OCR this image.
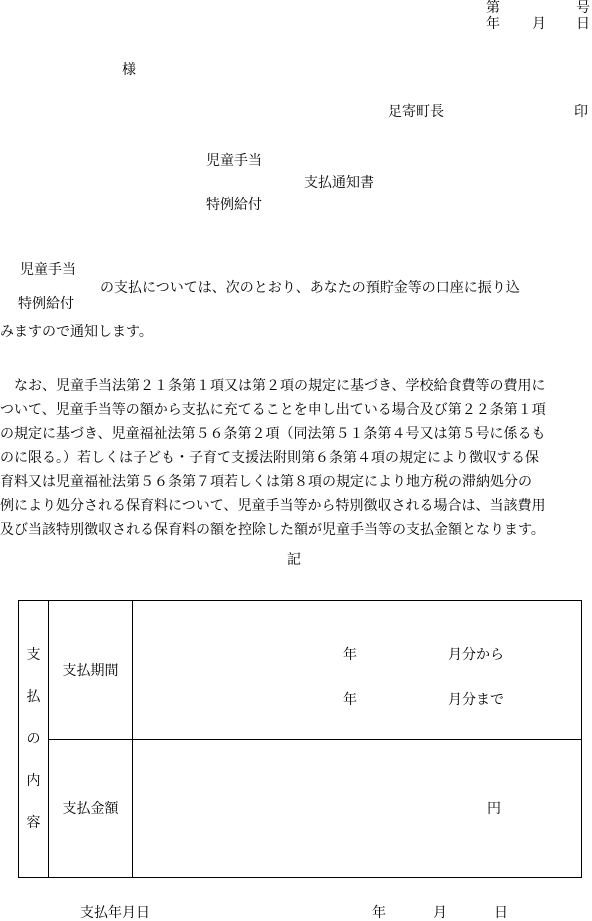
第	号
年 月 日
様
足寄町長	印
児童手当
支払通知書
特例給付
児童手当
の支払については、次のとおり、あなたの預貯金等の口座に振り込
特例給付
みますので通知します。
なお、児童手当法第２１条第１項又は第２項の規定に基づき、学校給食費等の費用に
ついて、児童手当等の額から支払に充てることを申し出ている場合及び第２２条第１項
の規定に基づき、児童福祉法第５６条第２項（同法第５１条第４号又は第５号に係るも
のに限る。）若しくは子ども・子育て支援法附則第６条第４項の規定により徴収する保
育料又は児童福祉法第５６条第７項若しくは第８項の規定により地方税の滞納処分の
例により処分される保育料について、児童手当等から特別徴収される場合は、当該費用
及び当該特別徴収される保育料の額を控除した額が児童手当等の支払金額となります。
記
支
払
の
内
容	支払期間	年 月分から
年 月分まで

	支払金額	円
支払年月日	年	月	日
